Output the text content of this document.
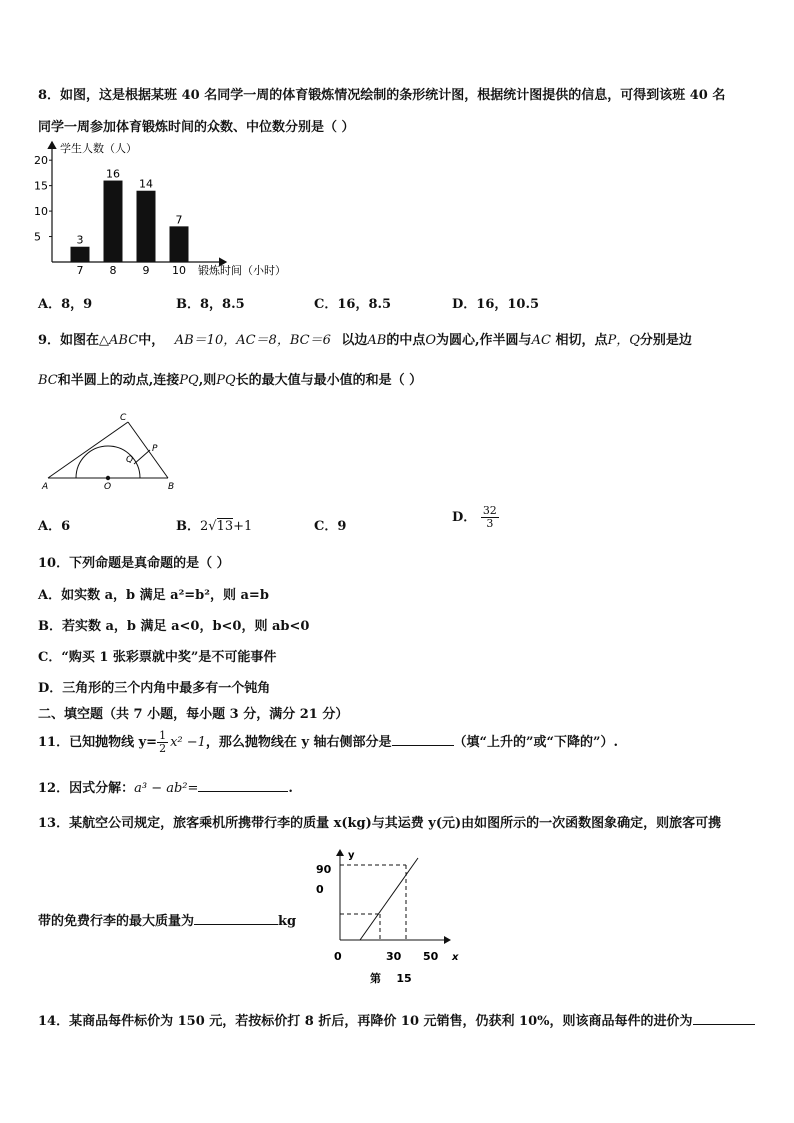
8．如图，这是根据某班 40 名同学一周的体育锻炼情况绘制的条形统计图，根据统计图提供的信息，可得到该班 40 名
同学一周参加体育锻炼时间的众数、中位数分别是（ ）
学生人数（人）
锻炼时间（小时）
5
10
15
20
3
7
16
8
14
9
7
10
A．8，9	B．8，8.5	C．16，8.5	D．16，10.5
9．如图在△ABC中， AB＝10，AC＝8，BC＝6 以边AB的中点O为圆心,作半圆与AC 相切，点P，Q分别是边
BC和半圆上的动点,连接PQ,则PQ长的最大值与最小值的和是（ ）
A	B
C
O
P
Q
A．6	B．2√13+1	C．9
D． $\frac{32}{3}$
10．下列命题是真命题的是（ ）
A．如实数 a，b 满足 a²=b²，则 a=b
B．若实数 a，b 满足 a<0，b<0，则 ab<0
C．“购买 1 张彩票就中奖”是不可能事件
D．三角形的三个内角中最多有一个钝角
二、填空题（共 7 小题，每小题 3 分，满分 21 分）
11．已知抛物线 $y= \frac{1}{2} x^2 -1$，那么抛物线在 y 轴右侧部分是	（填“上升的”或“下降的”）.
12．因式分解：a³ − ab²=	.
13．某航空公司规定，旅客乘机所携带行李的质量 x(kg)与其运费 y(元)由如图所示的一次函数图象确定，则旅客可携
y
90
0
0	30 50 x
第    15
带的免费行李的最大质量为	kg
14．某商品每件标价为 150 元，若按标价打 8 折后，再降价 10 元销售，仍获利 10%，则该商品每件的进价为
